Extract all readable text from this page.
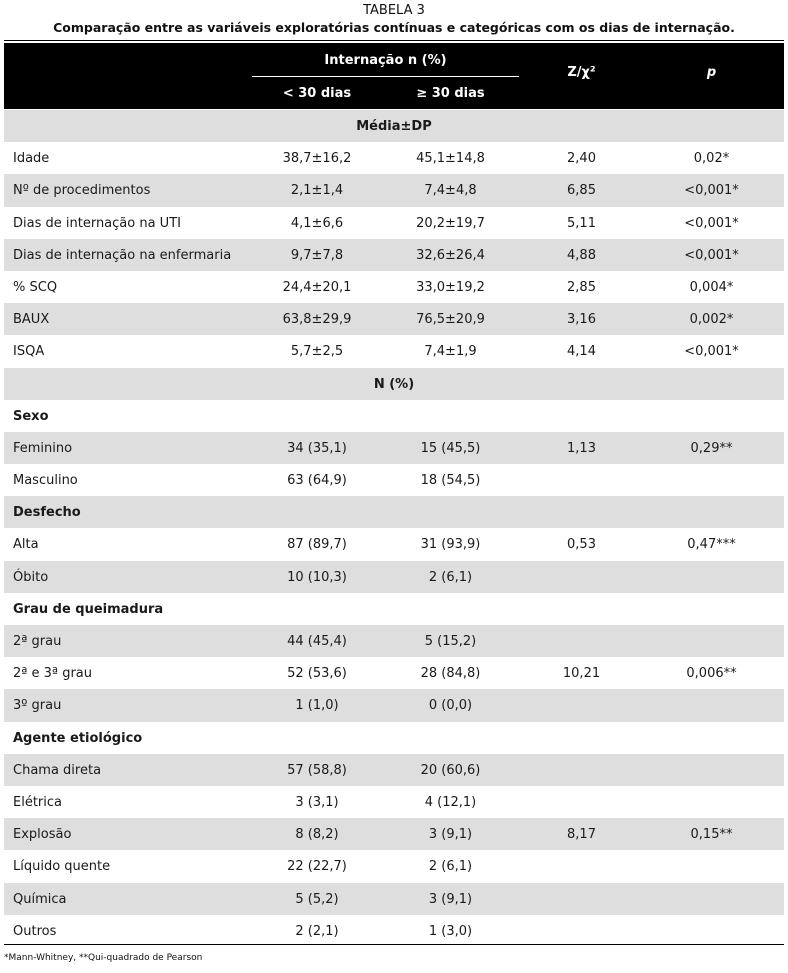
TABELA 3
Comparação entre as variáveis exploratórias contínuas e categóricas com os dias de internação.
Internação n (%)
< 30 dias	≥ 30 dias
Z/χ²	p
Média±DP
Idade	38,7±16,2	45,1±14,8	2,40	0,02*
Nº de procedimentos	2,1±1,4	7,4±4,8	6,85	<0,001*
Dias de internação na UTI	4,1±6,6	20,2±19,7	5,11	<0,001*
Dias de internação na enfermaria	9,7±7,8	32,6±26,4	4,88	<0,001*
% SCQ	24,4±20,1	33,0±19,2	2,85	0,004*
BAUX	63,8±29,9	76,5±20,9	3,16	0,002*
ISQA	5,7±2,5	7,4±1,9	4,14	<0,001*
N (%)
Sexo
Feminino	34 (35,1)	15 (45,5)	1,13	0,29**
Masculino	63 (64,9)	18 (54,5)
Desfecho
Alta	87 (89,7)	31 (93,9)	0,53	0,47***
Óbito	10 (10,3)	2 (6,1)
Grau de queimadura
2ª grau	44 (45,4)	5 (15,2)
2ª e 3ª grau	52 (53,6)	28 (84,8)	10,21	0,006**
3º grau	1 (1,0)	0 (0,0)
Agente etiológico
Chama direta	57 (58,8)	20 (60,6)
Elétrica	3 (3,1)	4 (12,1)
Explosão	8 (8,2)	3 (9,1)	8,17	0,15**
Líquido quente	22 (22,7)	2 (6,1)
Química	5 (5,2)	3 (9,1)
Outros	2 (2,1)	1 (3,0)
*Mann-Whitney, **Qui-quadrado de Pearson
